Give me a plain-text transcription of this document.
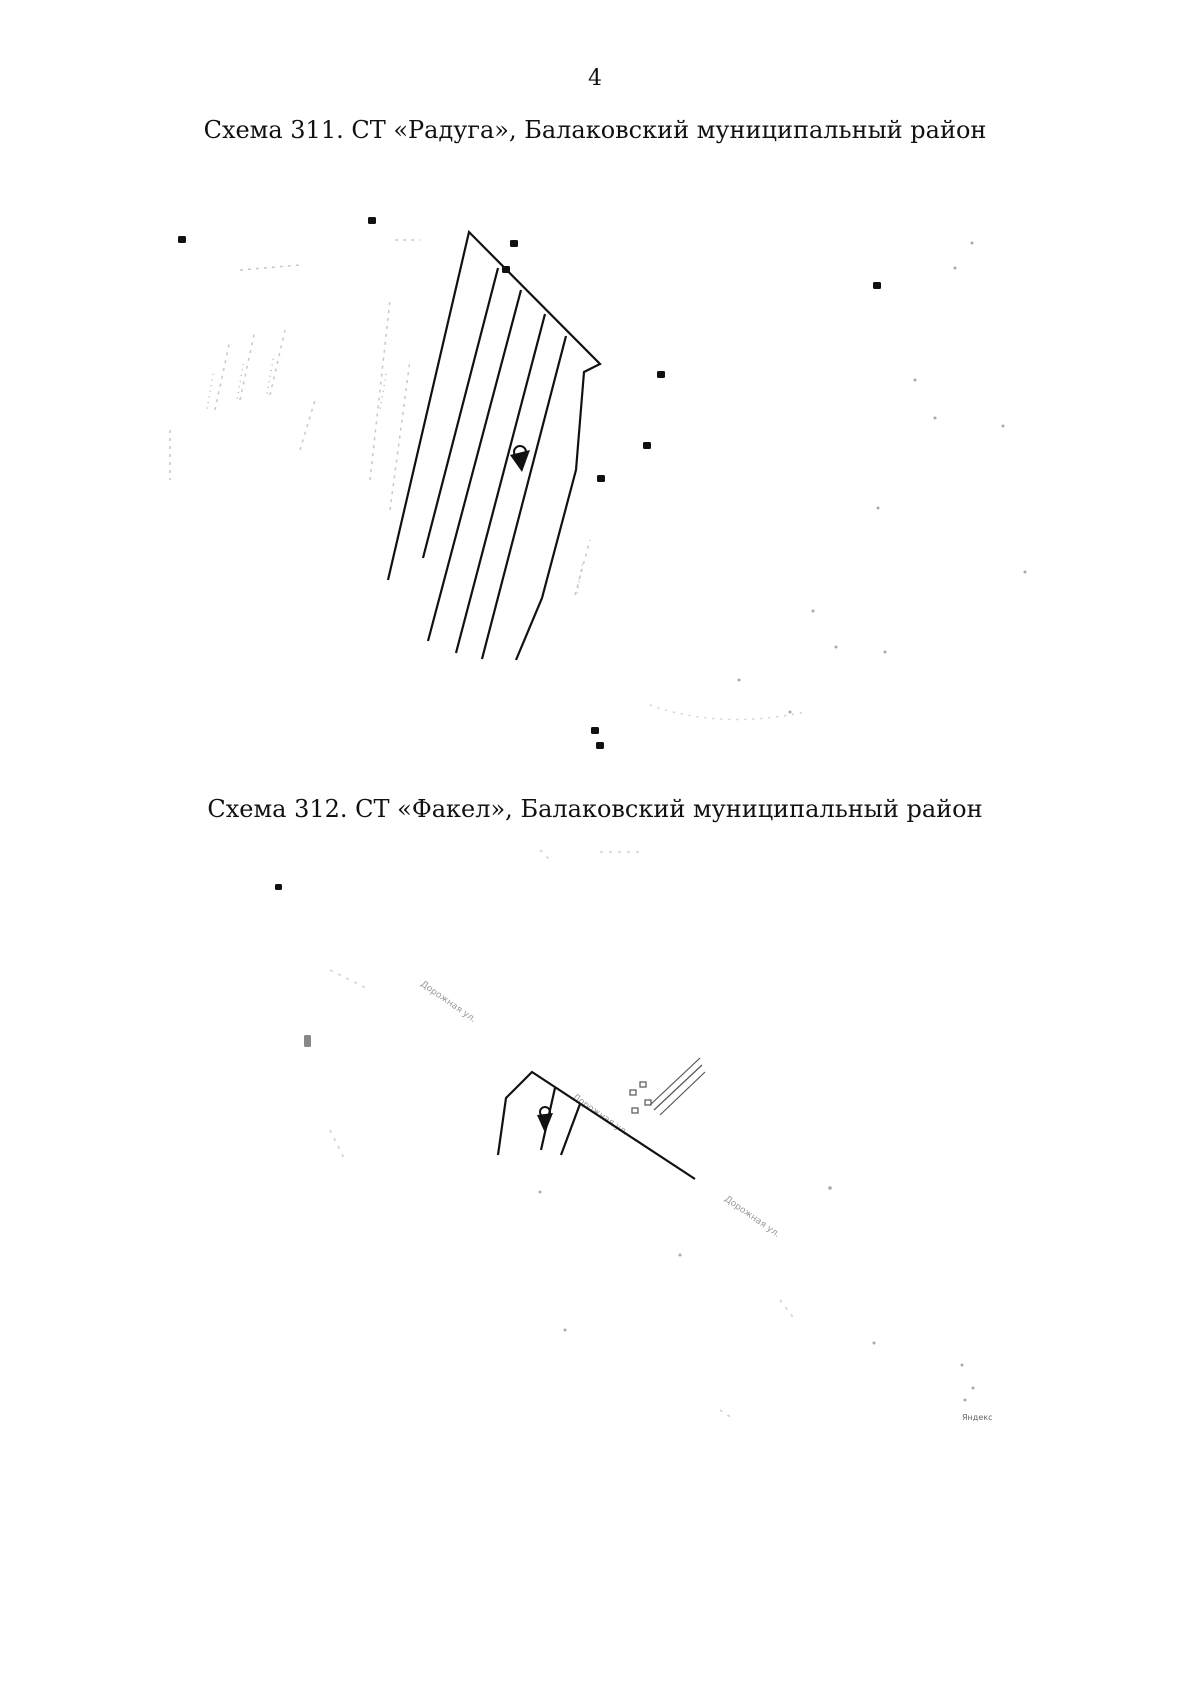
4
Схема 311. СТ «Радуга», Балаковский муниципальный район
· · · · · · · · · · · · · · · · · · · · ·	· · · · · · ·
· · · · · ·
Схема 312. СТ «Факел», Балаковский муниципальный район
Дорожная ул.
Дорожная ул.
Дорожная ул.
Яндекс
